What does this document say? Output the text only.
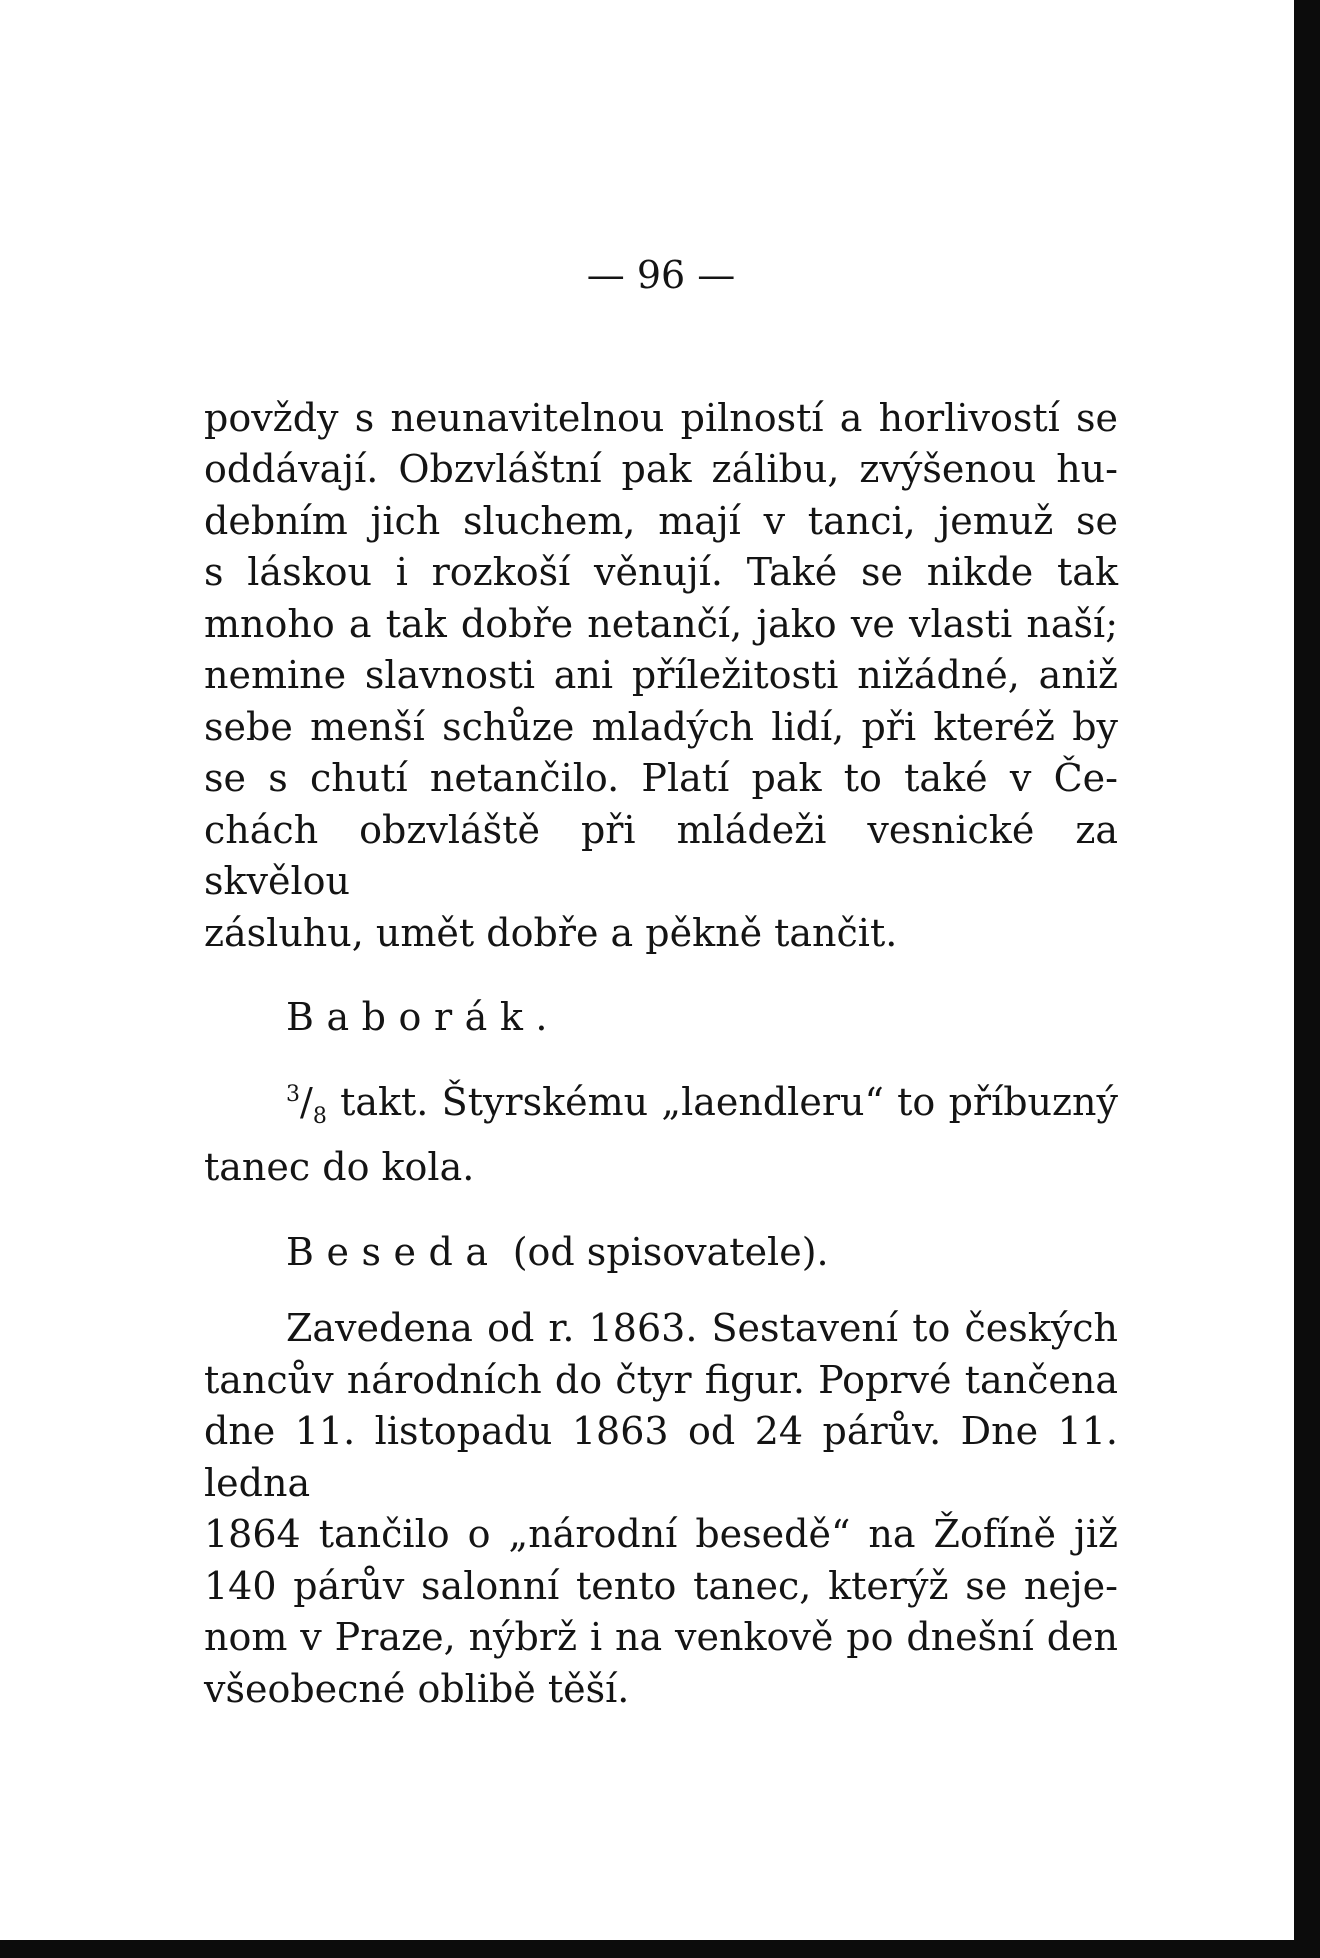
— 96 —
povždy s neunavitelnou pilností a horlivostí se
oddávají. Obzvláštní pak zálibu, zvýšenou hu-
debním jich sluchem, mají v tanci, jemuž se
s láskou i rozkoší věnují. Také se nikde tak
mnoho a tak dobře netančí, jako ve vlasti naší;
nemine slavnosti ani příležitosti nižádné, aniž
sebe menší schůze mladých lidí, při kteréž by
se s chutí netančilo. Platí pak to také v Če-
chách obzvláště při mládeži vesnické za skvělou
zásluhu, umět dobře a pěkně tančit.
Baborák.
$^3/_8$ takt. Štyrskému „laendleru“ to příbuzný
tanec do kola.
Beseda (od spisovatele).
Zavedena od r. 1863. Sestavení to českých
tancův národních do čtyr figur. Poprvé tančena
dne 11. listopadu 1863 od 24 párův. Dne 11. ledna
1864 tančilo o „národní besedě“ na Žofíně již
140 párův salonní tento tanec, kterýž se neje-
nom v Praze, nýbrž i na venkově po dnešní den
všeobecné oblibě těší.
